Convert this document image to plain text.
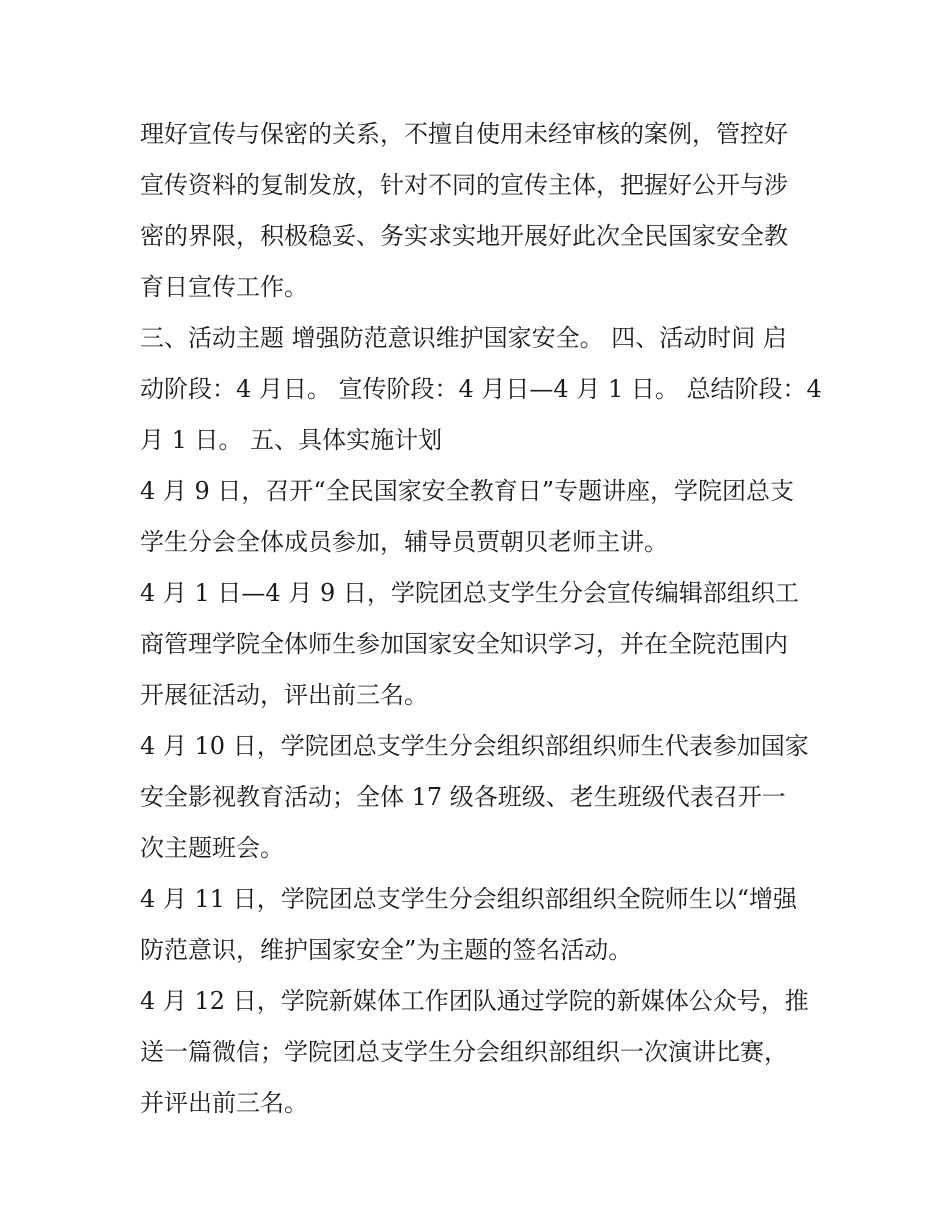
理好宣传与保密的关系，不擅自使用未经审核的案例，管控好
宣传资料的复制发放，针对不同的宣传主体，把握好公开与涉
密的界限，积极稳妥、务实求实地开展好此次全民国家安全教
育日宣传工作。

三、活动主题 增强防范意识维护国家安全。 四、活动时间 启
动阶段：4 月日。 宣传阶段：4 月日—4 月 1 日。 总结阶段：4
月 1 日。 五、具体实施计划

4 月 9 日，召开“全民国家安全教育日”专题讲座，学院团总支
学生分会全体成员参加，辅导员贾朝贝老师主讲。

4 月 1 日—4 月 9 日，学院团总支学生分会宣传编辑部组织工
商管理学院全体师生参加国家安全知识学习，并在全院范围内
开展征活动，评出前三名。

4 月 10 日，学院团总支学生分会组织部组织师生代表参加国家
安全影视教育活动；全体 17 级各班级、老生班级代表召开一
次主题班会。

4 月 11 日，学院团总支学生分会组织部组织全院师生以“增强
防范意识，维护国家安全”为主题的签名活动。

4 月 12 日，学院新媒体工作团队通过学院的新媒体公众号，推
送一篇微信；学院团总支学生分会组织部组织一次演讲比赛，
并评出前三名。
